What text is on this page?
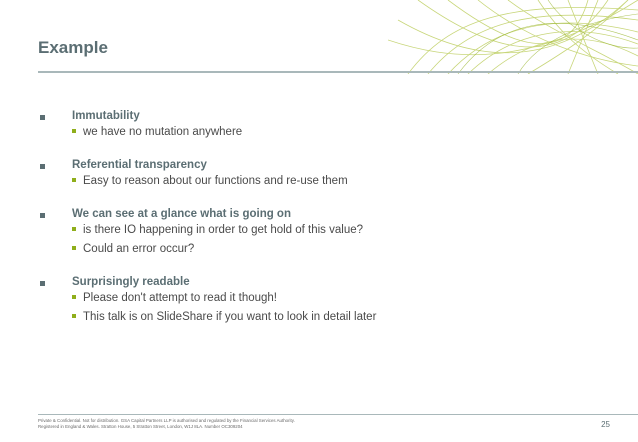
Example
Immutability
we have no mutation anywhere
Referential transparency
Easy to reason about our functions and re-use them
We can see at a glance what is going on
is there IO happening in order to get hold of this value?
Could an error occur?
Surprisingly readable
Please don't attempt to read it though!
This talk is on SlideShare if you want to look in detail later
Private & Confidential. Not for distribution. GSA Capital Partners LLP is authorised and regulated by the Financial Services Authority.
Registered in England & Wales. Stratton House, 5 Stratton Street, London, W1J 8LA. Number OC309204	25
